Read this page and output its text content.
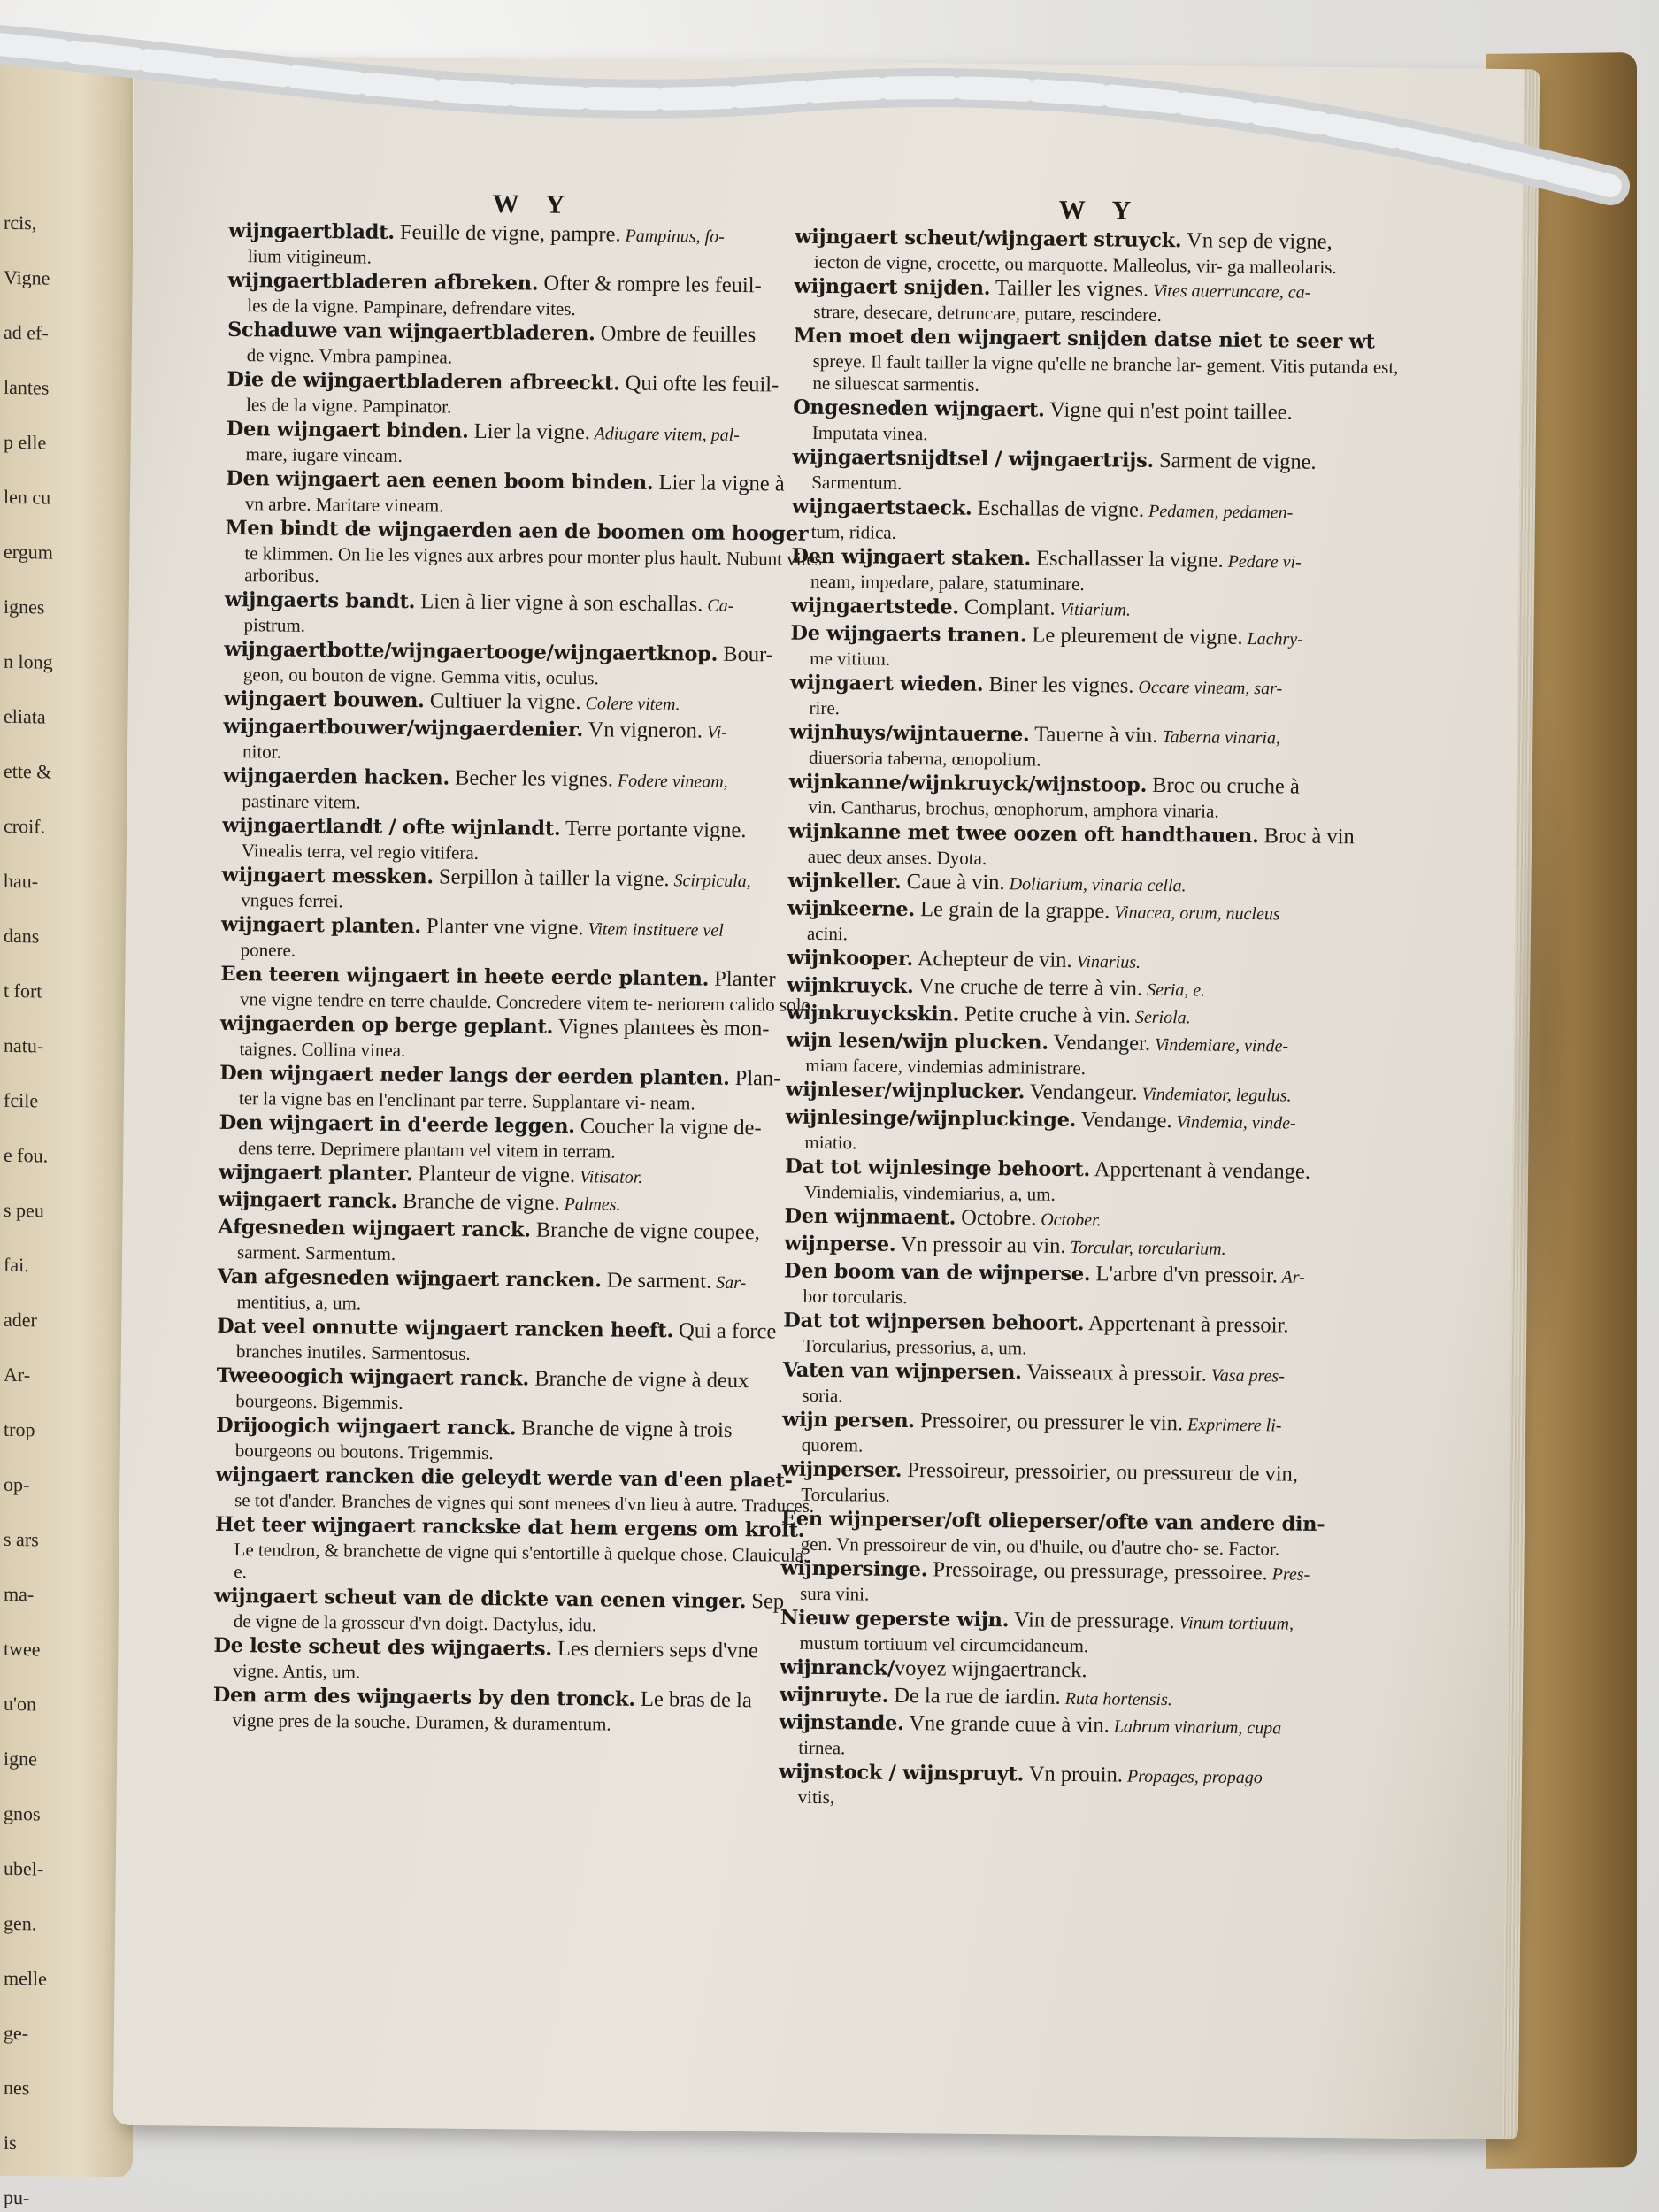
rcis,
Vigne
ad ef-
lantes
p elle
len cu
ergum
ignes
n long
eliata
ette &
croif.
hau-
dans
t fort
natu-
fcile
e fou.
s peu
fai.
ader
Ar-
trop
op-
s ars
ma-
twee
u'on
igne
gnos
ubel-
gen.
melle
ge-
nes
is
pu-
W Y
wijngaertbladt. Feuille de vigne, pampre. Pampinus, fo-
lium vitigineum.
wijngaertbladeren afbreken. Ofter & rompre les feuil-
les de la vigne. Pampinare, defrendare vites.
Schaduwe van wijngaertbladeren. Ombre de feuilles
de vigne. Vmbra pampinea.
Die de wijngaertbladeren afbreeckt. Qui ofte les feuil-
les de la vigne. Pampinator.
Den wijngaert binden. Lier la vigne. Adiugare vitem, pal-
mare, iugare vineam.
Den wijngaert aen eenen boom binden. Lier la vigne à
vn arbre. Maritare vineam.
Men bindt de wijngaerden aen de boomen om hooger
te klimmen. On lie les vignes aux arbres pour monter plus hault. Nubunt vites arboribus.
wijngaerts bandt. Lien à lier vigne à son eschallas. Ca-
pistrum.
wijngaertbotte/wijngaertooge/wijngaertknop. Bour-
geon, ou bouton de vigne. Gemma vitis, oculus.
wijngaert bouwen. Cultiuer la vigne. Colere vitem.
wijngaertbouwer/wijngaerdenier. Vn vigneron. Vi-
nitor.
wijngaerden hacken. Becher les vignes. Fodere vineam,
pastinare vitem.
wijngaertlandt / ofte wijnlandt. Terre portante vigne.
Vinealis terra, vel regio vitifera.
wijngaert messken. Serpillon à tailler la vigne. Scirpicula,
vngues ferrei.
wijngaert planten. Planter vne vigne. Vitem instituere vel
ponere.
Een teeren wijngaert in heete eerde planten. Planter
vne vigne tendre en terre chaulde. Concredere vitem te- neriorem calido solo.
wijngaerden op berge geplant. Vignes plantees ès mon-
taignes. Collina vinea.
Den wijngaert neder langs der eerden planten. Plan-
ter la vigne bas en l'enclinant par terre. Supplantare vi- neam.
Den wijngaert in d'eerde leggen. Coucher la vigne de-
dens terre. Deprimere plantam vel vitem in terram.
wijngaert planter. Planteur de vigne. Vitisator.
wijngaert ranck. Branche de vigne. Palmes.
Afgesneden wijngaert ranck. Branche de vigne coupee,
sarment. Sarmentum.
Van afgesneden wijngaert rancken. De sarment. Sar-
mentitius, a, um.
Dat veel onnutte wijngaert rancken heeft. Qui a force
branches inutiles. Sarmentosus.
Tweeoogich wijngaert ranck. Branche de vigne à deux
bourgeons. Bigemmis.
Drijoogich wijngaert ranck. Branche de vigne à trois
bourgeons ou boutons. Trigemmis.
wijngaert rancken die geleydt werde van d'een plaet-
se tot d'ander. Branches de vignes qui sont menees d'vn lieu à autre. Traduces.
Het teer wijngaert ranckske dat hem ergens om krolt.
Le tendron, & branchette de vigne qui s'entortille à quelque chose. Clauicula, e.
wijngaert scheut van de dickte van eenen vinger. Sep
de vigne de la grosseur d'vn doigt. Dactylus, idu.
De leste scheut des wijngaerts. Les derniers seps d'vne
vigne. Antis, um.
Den arm des wijngaerts by den tronck. Le bras de la
vigne pres de la souche. Duramen, & duramentum.
W Y
wijngaert scheut/wijngaert struyck. Vn sep de vigne,
iecton de vigne, crocette, ou marquotte. Malleolus, vir- ga malleolaris.
wijngaert snijden. Tailler les vignes. Vites auerruncare, ca-
strare, desecare, detruncare, putare, rescindere.
Men moet den wijngaert snijden datse niet te seer wt
spreye. Il fault tailler la vigne qu'elle ne branche lar- gement. Vitis putanda est, ne siluescat sarmentis.
Ongesneden wijngaert. Vigne qui n'est point taillee.
Imputata vinea.
wijngaertsnijdtsel / wijngaertrijs. Sarment de vigne.
Sarmentum.
wijngaertstaeck. Eschallas de vigne. Pedamen, pedamen-
tum, ridica.
Den wijngaert staken. Eschallasser la vigne. Pedare vi-
neam, impedare, palare, statuminare.
wijngaertstede. Complant. Vitiarium.
De wijngaerts tranen. Le pleurement de vigne. Lachry-
me vitium.
wijngaert wieden. Biner les vignes. Occare vineam, sar-
rire.
wijnhuys/wijntauerne. Tauerne à vin. Taberna vinaria,
diuersoria taberna, œnopolium.
wijnkanne/wijnkruyck/wijnstoop. Broc ou cruche à
vin. Cantharus, brochus, œnophorum, amphora vinaria.
wijnkanne met twee oozen oft handthauen. Broc à vin
auec deux anses. Dyota.
wijnkeller. Caue à vin. Doliarium, vinaria cella.
wijnkeerne. Le grain de la grappe. Vinacea, orum, nucleus
acini.
wijnkooper. Achepteur de vin. Vinarius.
wijnkruyck. Vne cruche de terre à vin. Seria, e.
wijnkruyckskin. Petite cruche à vin. Seriola.
wijn lesen/wijn plucken. Vendanger. Vindemiare, vinde-
miam facere, vindemias administrare.
wijnleser/wijnplucker. Vendangeur. Vindemiator, legulus.
wijnlesinge/wijnpluckinge. Vendange. Vindemia, vinde-
miatio.
Dat tot wijnlesinge behoort. Appertenant à vendange.
Vindemialis, vindemiarius, a, um.
Den wijnmaent. Octobre. October.
wijnperse. Vn pressoir au vin. Torcular, torcularium.
Den boom van de wijnperse. L'arbre d'vn pressoir. Ar-
bor torcularis.
Dat tot wijnpersen behoort. Appertenant à pressoir.
Torcularius, pressorius, a, um.
Vaten van wijnpersen. Vaisseaux à pressoir. Vasa pres-
soria.
wijn persen. Pressoirer, ou pressurer le vin. Exprimere li-
quorem.
wijnperser. Pressoireur, pressoirier, ou pressureur de vin,
Torcularius.
Een wijnperser/oft olieperser/ofte van andere din-
gen. Vn pressoireur de vin, ou d'huile, ou d'autre cho- se. Factor.
wijnpersinge. Pressoirage, ou pressurage, pressoiree. Pres-
sura vini.
Nieuw geperste wijn. Vin de pressurage. Vinum tortiuum,
mustum tortiuum vel circumcidaneum.
wijnranck/voyez wijngaertranck.
wijnruyte. De la rue de iardin. Ruta hortensis.
wijnstande. Vne grande cuue à vin. Labrum vinarium, cupa
tirnea.
wijnstock / wijnspruyt. Vn prouin. Propages, propago
vitis,
